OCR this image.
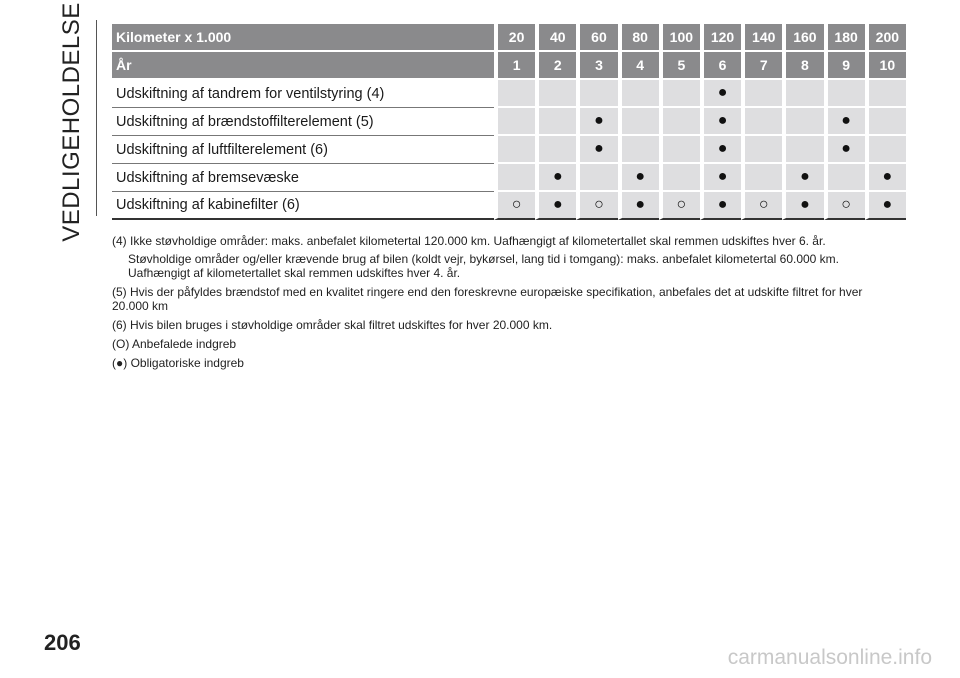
VEDLIGEHOLDELSE Kilometer x 1.000	20	40	60	80	100	120	140	160	180	200
År	1	2	3	4	5	6	7	8	9	10
Udskiftning af tandrem for ventilstyring (4)						●				
Udskiftning af brændstoffilterelement (5)			●			●			●	
Udskiftning af luftfilterelement (6)			●			●			●	
Udskiftning af bremsevæske		●		●		●		●		●
Udskiftning af kabinefilter (6)	○	●	○	●	○	●	○	●	○	●
(4) Ikke støvholdige områder: maks. anbefalet kilometertal 120.000 km. Uafhængigt af kilometertallet skal remmen udskiftes hver 6. år.
Støvholdige områder og/eller krævende brug af bilen (koldt vejr, bykørsel, lang tid i tomgang): maks. anbefalet kilometertal 60.000 km. Uafhængigt af kilometertallet skal remmen udskiftes hver 4. år.
(5) Hvis der påfyldes brændstof med en kvalitet ringere end den foreskrevne europæiske specifikation, anbefales det at udskifte filtret for hver 20.000 km
(6) Hvis bilen bruges i støvholdige områder skal filtret udskiftes for hver 20.000 km.
(O) Anbefalede indgreb
(●) Obligatoriske indgreb
206
carmanualsonline.info
